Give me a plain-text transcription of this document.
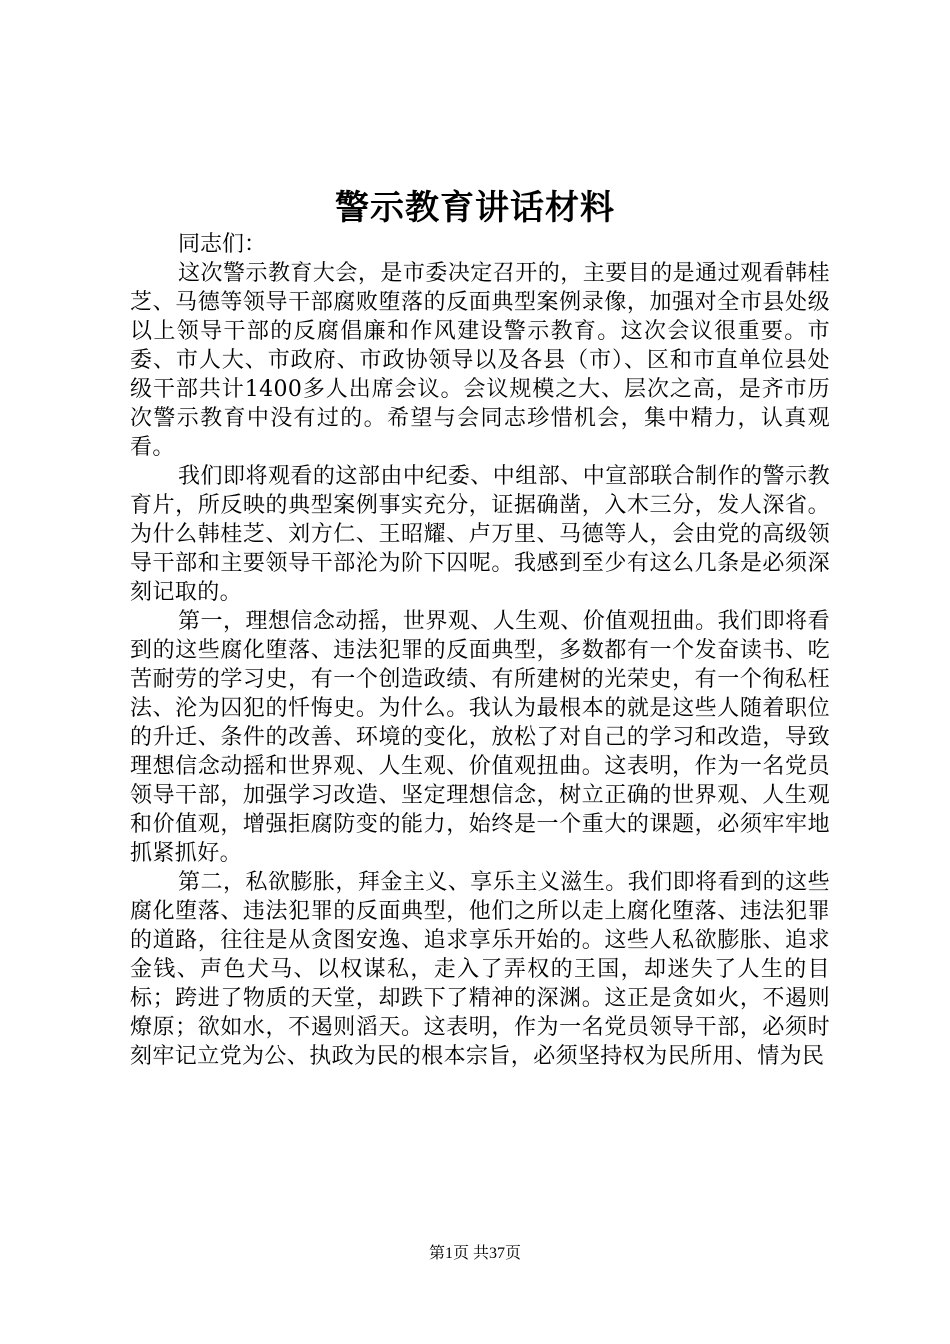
警示教育讲话材料

同志们：

这次警示教育大会，是市委决定召开的，主要目的是通过观看韩桂芝、马德等领导干部腐败堕落的反面典型案例录像，加强对全市县处级以上领导干部的反腐倡廉和作风建设警示教育。这次会议很重要。市委、市人大、市政府、市政协领导以及各县（市）、区和市直单位县处级干部共计1400多人出席会议。会议规模之大、层次之高，是齐市历次警示教育中没有过的。希望与会同志珍惜机会，集中精力，认真观看。

我们即将观看的这部由中纪委、中组部、中宣部联合制作的警示教育片，所反映的典型案例事实充分，证据确凿，入木三分，发人深省。为什么韩桂芝、刘方仁、王昭耀、卢万里、马德等人，会由党的高级领导干部和主要领导干部沦为阶下囚呢。我感到至少有这么几条是必须深刻记取的。

第一，理想信念动摇，世界观、人生观、价值观扭曲。我们即将看到的这些腐化堕落、违法犯罪的反面典型，多数都有一个发奋读书、吃苦耐劳的学习史，有一个创造政绩、有所建树的光荣史，有一个徇私枉法、沦为囚犯的忏悔史。为什么。我认为最根本的就是这些人随着职位的升迁、条件的改善、环境的变化，放松了对自己的学习和改造，导致理想信念动摇和世界观、人生观、价值观扭曲。这表明，作为一名党员领导干部，加强学习改造、坚定理想信念，树立正确的世界观、人生观和价值观，增强拒腐防变的能力，始终是一个重大的课题，必须牢牢地抓紧抓好。

第二，私欲膨胀，拜金主义、享乐主义滋生。我们即将看到的这些腐化堕落、违法犯罪的反面典型，他们之所以走上腐化堕落、违法犯罪的道路，往往是从贪图安逸、追求享乐开始的。这些人私欲膨胀、追求金钱、声色犬马、以权谋私，走入了弄权的王国，却迷失了人生的目标；跨进了物质的天堂，却跌下了精神的深渊。这正是贪如火，不遏则燎原；欲如水，不遏则滔天。这表明，作为一名党员领导干部，必须时刻牢记立党为公、执政为民的根本宗旨，必须坚持权为民所用、情为民

第1页 共37页
